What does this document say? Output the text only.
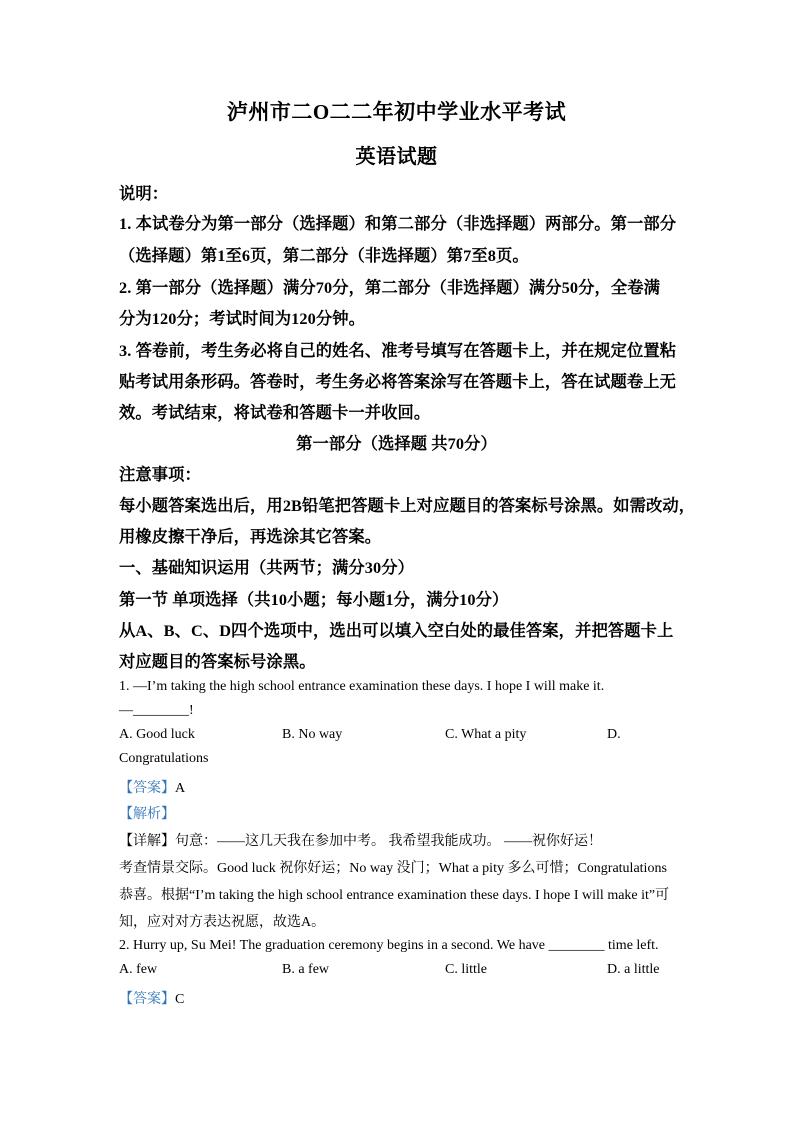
泸州市二O二二年初中学业水平考试
英语试题
说明：
1. 本试卷分为第一部分（选择题）和第二部分（非选择题）两部分。第一部分
（选择题）第1至6页，第二部分（非选择题）第7至8页。
2. 第一部分（选择题）满分70分，第二部分（非选择题）满分50分，全卷满
分为120分；考试时间为120分钟。
3. 答卷前，考生务必将自己的姓名、准考号填写在答题卡上，并在规定位置粘
贴考试用条形码。答卷时，考生务必将答案涂写在答题卡上，答在试题卷上无
效。考试结束，将试卷和答题卡一并收回。
第一部分（选择题 共70分）
注意事项：
每小题答案选出后，用2B铅笔把答题卡上对应题目的答案标号涂黑。如需改动，
用橡皮擦干净后，再选涂其它答案。
一、基础知识运用（共两节；满分30分）
第一节 单项选择（共10小题；每小题1分，满分10分）
从A、B、C、D四个选项中，选出可以填入空白处的最佳答案，并把答题卡上
对应题目的答案标号涂黑。
1. —I’m taking the high school entrance examination these days. I hope I will make it.
—________!
A. Good luck	B. No way	C. What a pity	D.
Congratulations
【答案】A
【解析】
【详解】句意：——这几天我在参加中考。 我希望我能成功。 ——祝你好运！
考查情景交际。Good luck 祝你好运；No way 没门；What a pity 多么可惜；Congratulations
恭喜。根据“I’m taking the high school entrance examination these days. I hope I will make it”可
知，应对对方表达祝愿，故选A。
2. Hurry up, Su Mei! The graduation ceremony begins in a second. We have ________ time left.
A. few	B. a few	C. little	D. a little
【答案】C
